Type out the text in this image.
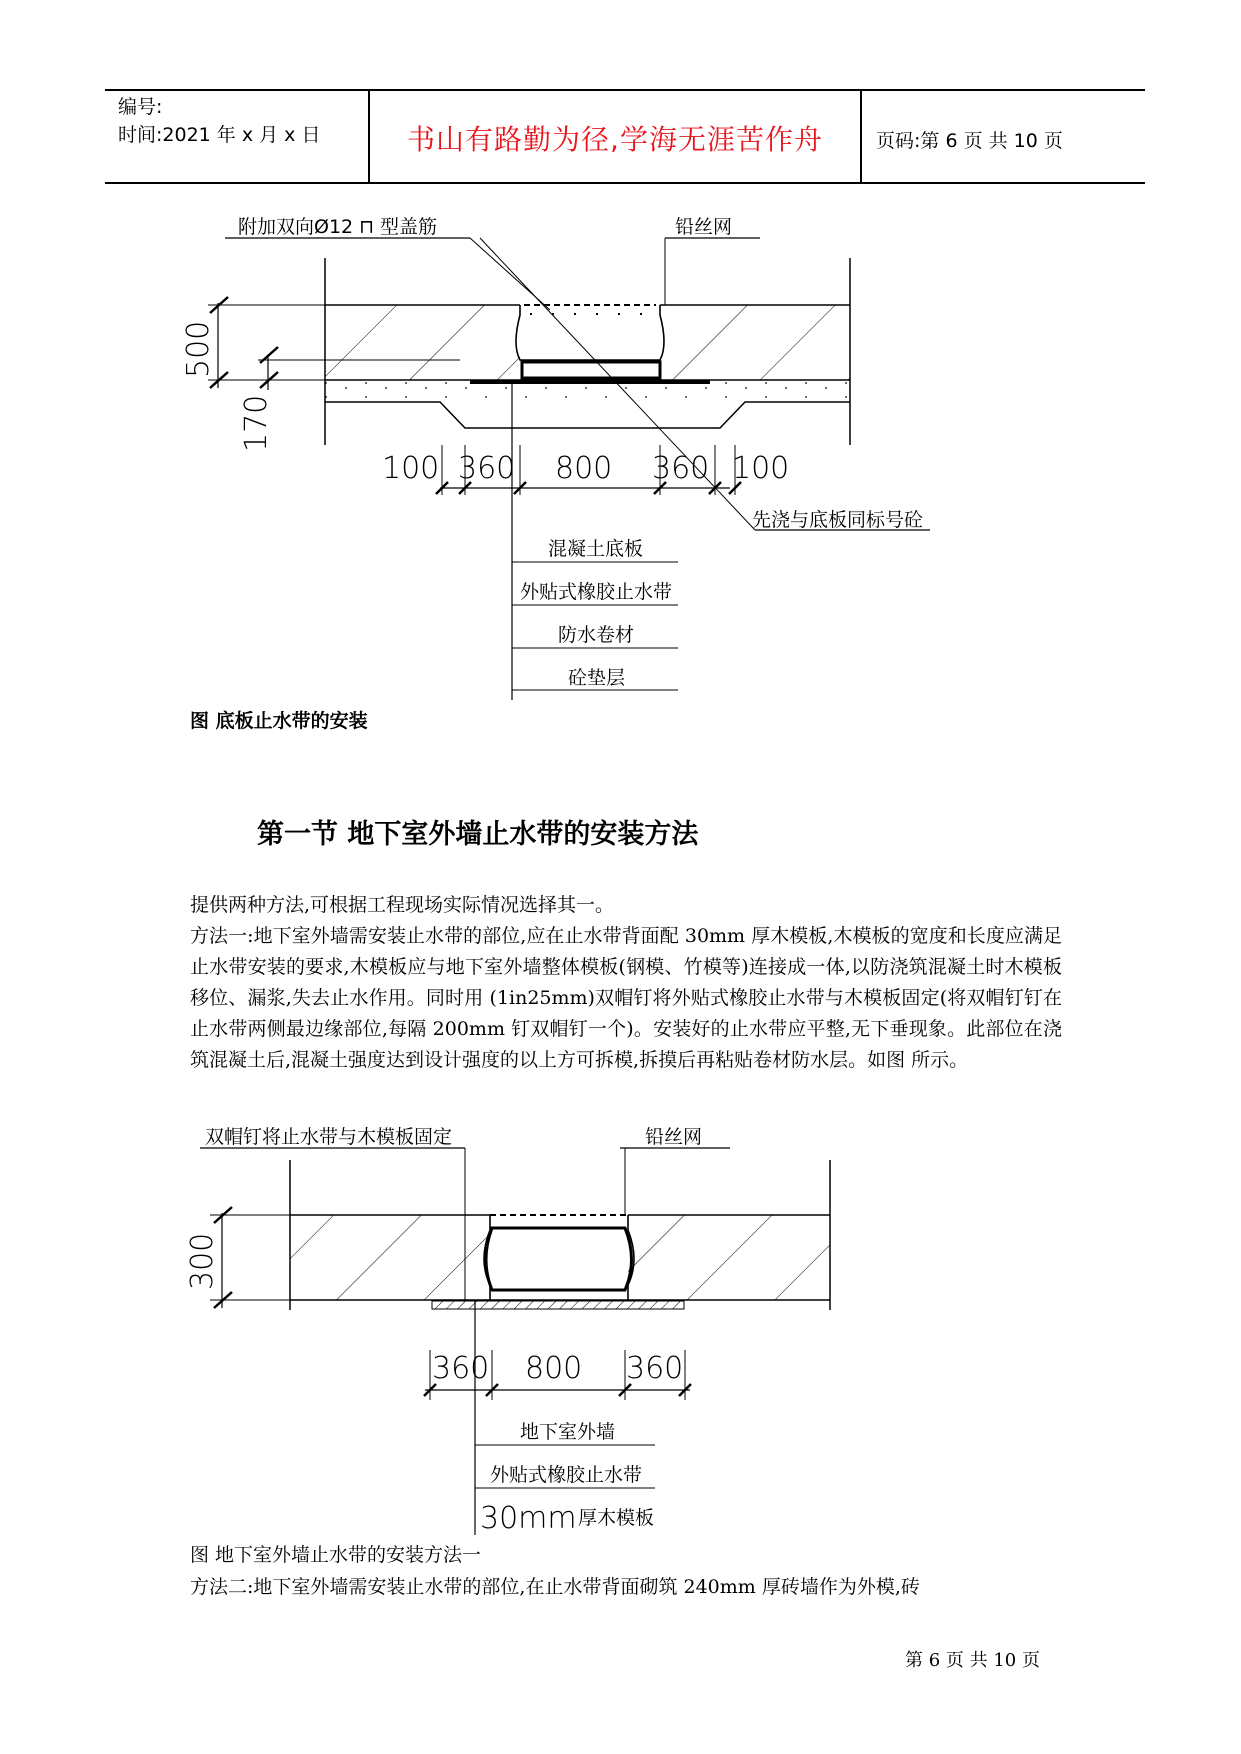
编号:
时间:2021 年 x 月 x 日	书山有路勤为径,学海无涯苦作舟	页码:第 6 页 共 10 页
附加双向Ø12 ⊓ 型盖筋	铅丝网
500
170
100 360 800 360 100
先浇与底板同标号砼
混凝土底板
外贴式橡胶止水带
防水卷材
砼垫层
图 底板止水带的安装
第一节 地下室外墙止水带的安装方法
提供两种方法,可根据工程现场实际情况选择其一。
方法一:地下室外墙需安装止水带的部位,应在止水带背面配 30mm 厚木模板,木模板的宽度和长度应满足止水带安装的要求,木模板应与地下室外墙整体模板(钢模、竹模等)连接成一体,以防浇筑混凝土时木模板移位、漏浆,失去止水作用。同时用 (1in25mm)双帽钉将外贴式橡胶止水带与木模板固定(将双帽钉钉在止水带两侧最边缘部位,每隔 200mm 钉双帽钉一个)。安装好的止水带应平整,无下垂现象。此部位在浇筑混凝土后,混凝土强度达到设计强度的以上方可拆模,拆摸后再粘贴卷材防水层。如图 所示。
双帽钉将止水带与木模板固定	铅丝网
300
360 800 360
地下室外墙
外贴式橡胶止水带
30mm 厚木模板
图 地下室外墙止水带的安装方法一
方法二:地下室外墙需安装止水带的部位,在止水带背面砌筑 240mm 厚砖墙作为外模,砖
第 6 页 共 10 页
